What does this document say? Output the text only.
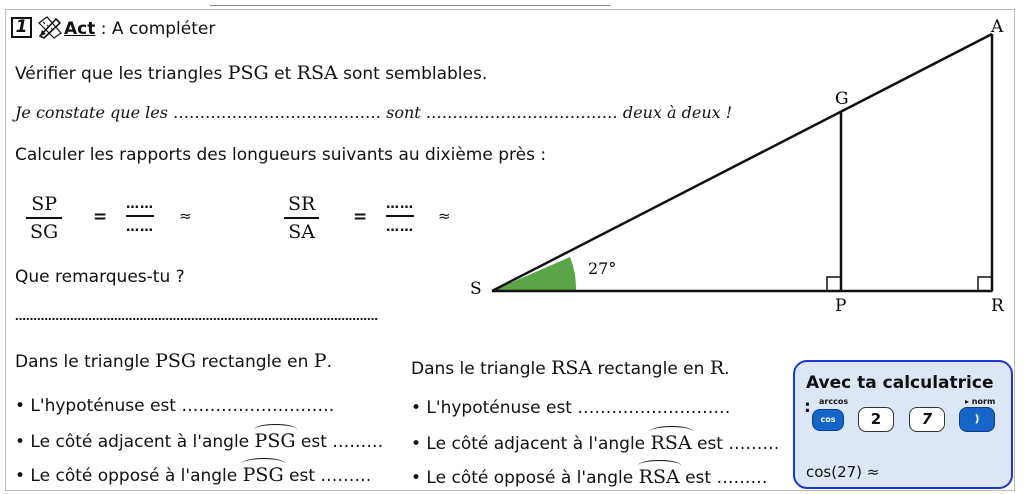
1 Act : A compléter
Vérifier que les triangles PSG et RSA sont semblables.
Je constate que les ………………………………… sont ……………………………… deux à deux !
Calculer les rapports des longueurs suivants au dixième près :
SP
SG
=
……
……
≈
SR
SA
=
……
……
≈
Que remarques-tu ?
………………………………………………………………………………………
Dans le triangle PSG rectangle en P.
• L'hypoténuse est ………………………
• Le côté adjacent à l'angle PSG est ………
• Le côté opposé à l'angle PSG est ………
Dans le triangle RSA rectangle en R.
• L'hypoténuse est ………………………
• Le côté adjacent à l'angle RSA est ………
• Le côté opposé à l'angle RSA est ………
A
G
S
P	R
27°
Avec ta calculatrice
: arccos
cos	2	7
▸ norm
)
cos(27) ≈
